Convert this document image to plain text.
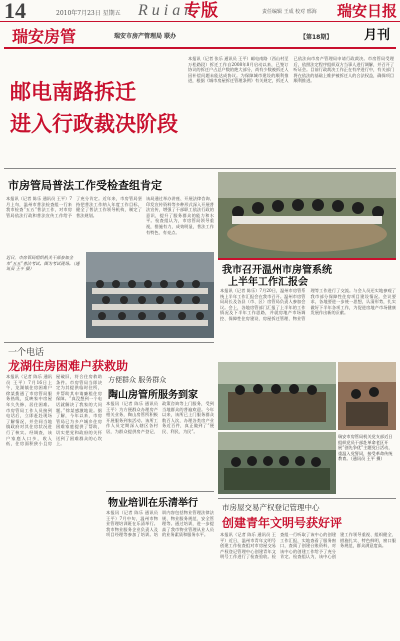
14	2010年7月23日 星期五 R u i a n
专版	责任编辑 王成 校对 邢海 瑞安日报
瑞安房管	瑞安市房产管理局 联办	【第18期】 月刊
邮电南路拆迁
进入行政裁决阶段
本报讯（记者 张乐 通讯员 王平）邮电南路（西山村至万松路段）拆迁工作自2008年8月启动以来，已签订协议的拆迁户占总户数的绝大部分，尚有少数被拆迁人因补偿问题未能达成协议。为保障城市建设的顺利推进，根据《城市房屋拆迁管理条例》有关规定，拆迁人已依法向市房产管理局申请行政裁决。市房管局受理后，依照法定程序组织双方当事人进行调解，并召开了听证会。目前行政裁决工作正在有序进行中，有关部门将在依法的基础上维护被拆迁人的合法权益，确保项目顺利推进。
市房管局普法工作受检查组肯定
本报讯（记者 陈乐 通讯员 王平）7月上旬，温州市普法检查组一行来我市检查“五五”普法工作，对市房管局依法行政和普法宣传工作给予了充分肯定。近年来，市房管局坚持把普法工作纳入年度工作目标，健全了普法工作领导机构，制定了普法规划。
该局通过举办讲座、开展法律咨询、印发宣传资料等多种形式深入开展普法宣传，增强了干部职工依法行政的意识，提升了服务群众的能力和水平。检查组认为，市房管局领导重视，措施有力，成效明显，普法工作有特色、有亮点。
近日，市房管局组织机关干部参加全市“五五”普法考试。图为考试现场。（通讯员 王平 摄）	我市召开温州市房管系统
上半年工作汇报会
本报讯（记者 陈乐）7月20日，温州市房管系统上半年工作汇报会在我市召开。温州市房管局局长及各县（市、区）房管局负责人参加会议。会上，各地房管部门汇报了上半年的工作情况及下半年工作思路，并就房地产市场调控、保障性住房建设、房屋拆迁管理、物业管理等工作进行了交流。与会人员还实地参观了我市部分保障性住房项目建设情况。会议要求，各地要进一步统一思想，认清形势，扎实做好下半年各项工作，为促进房地产市场健康发展作出新的贡献。
一个电话
龙湖住房困难户获救助
本报讯（记者 陈乐 通讯员 王平）7月16日上午，龙湖镇住房困难户徐某拨通了市房管局服务热线，反映家中房屋年久失修、居住困难。市房管局工作人员接到电话后，立即赶赴现场了解情况，并会同当地镇政府对其住房状况进行了核实。经调查，该户家庭人口多，收入低，住房面积狭小且房屋破旧，符合住房救助条件。市房管局当即决定为其提供临时住所，并帮助其申请廉租住房保障。“真没想到一个电话就解决了我家的大问题。”徐某感激地说。据了解，今年以来，市房管局已为多户城乡住房困难家庭提供了帮助，切实把党和政府的关怀送到了困难群众的心坎上。
方便群众 服务群众
陶山房管所服务到家
本报讯（记者 陈乐 通讯员 王平）为方便群众办理房产相关业务，陶山房管所积极开展服务到家活动。该所工作人员定期深入辖区各村居，为群众提供房产登记、政策咨询等上门服务，受到当地群众的普遍欢迎。今年以来，该所已上门服务群众数百人次，办理各类房产业务近百件，真正做到了“便民、利民、为民”。
物业培训在乐清举行
本报讯（记者 陈乐 通讯员 王平）7月中旬，温州市物业管理培训班在乐清举行。我市物业服务企业负责人及项目经理等参加了培训。培训内容包括物业管理法律法规、物业服务规范、安全管理等。通过培训，进一步提高了我市物业管理从业人员的业务素质和服务水平。
瑞安市房管局机关党支部近日组织党员干部赴革命老区开展“创先争优”主题党日活动，重温入党誓词，接受革命传统教育。（通讯员 王平 摄）
市房屋交易产权登记管理中心
创建青年文明号获好评
本报讯（记者 陈乐 通讯员 王平）近日，温州市青年文明号创建工作检查组对市房屋交易产权登记管理中心创建青年文明号工作进行了检查验收。检查组一行听取了该中心的创建工作汇报，实地查看了服务窗口，查阅了创建台账资料，对该中心的创建工作给予了充分肯定。检查组认为，该中心创建工作领导重视、组织健全、措施扎实、特色鲜明，窗口服务规范，群众满意度高。
